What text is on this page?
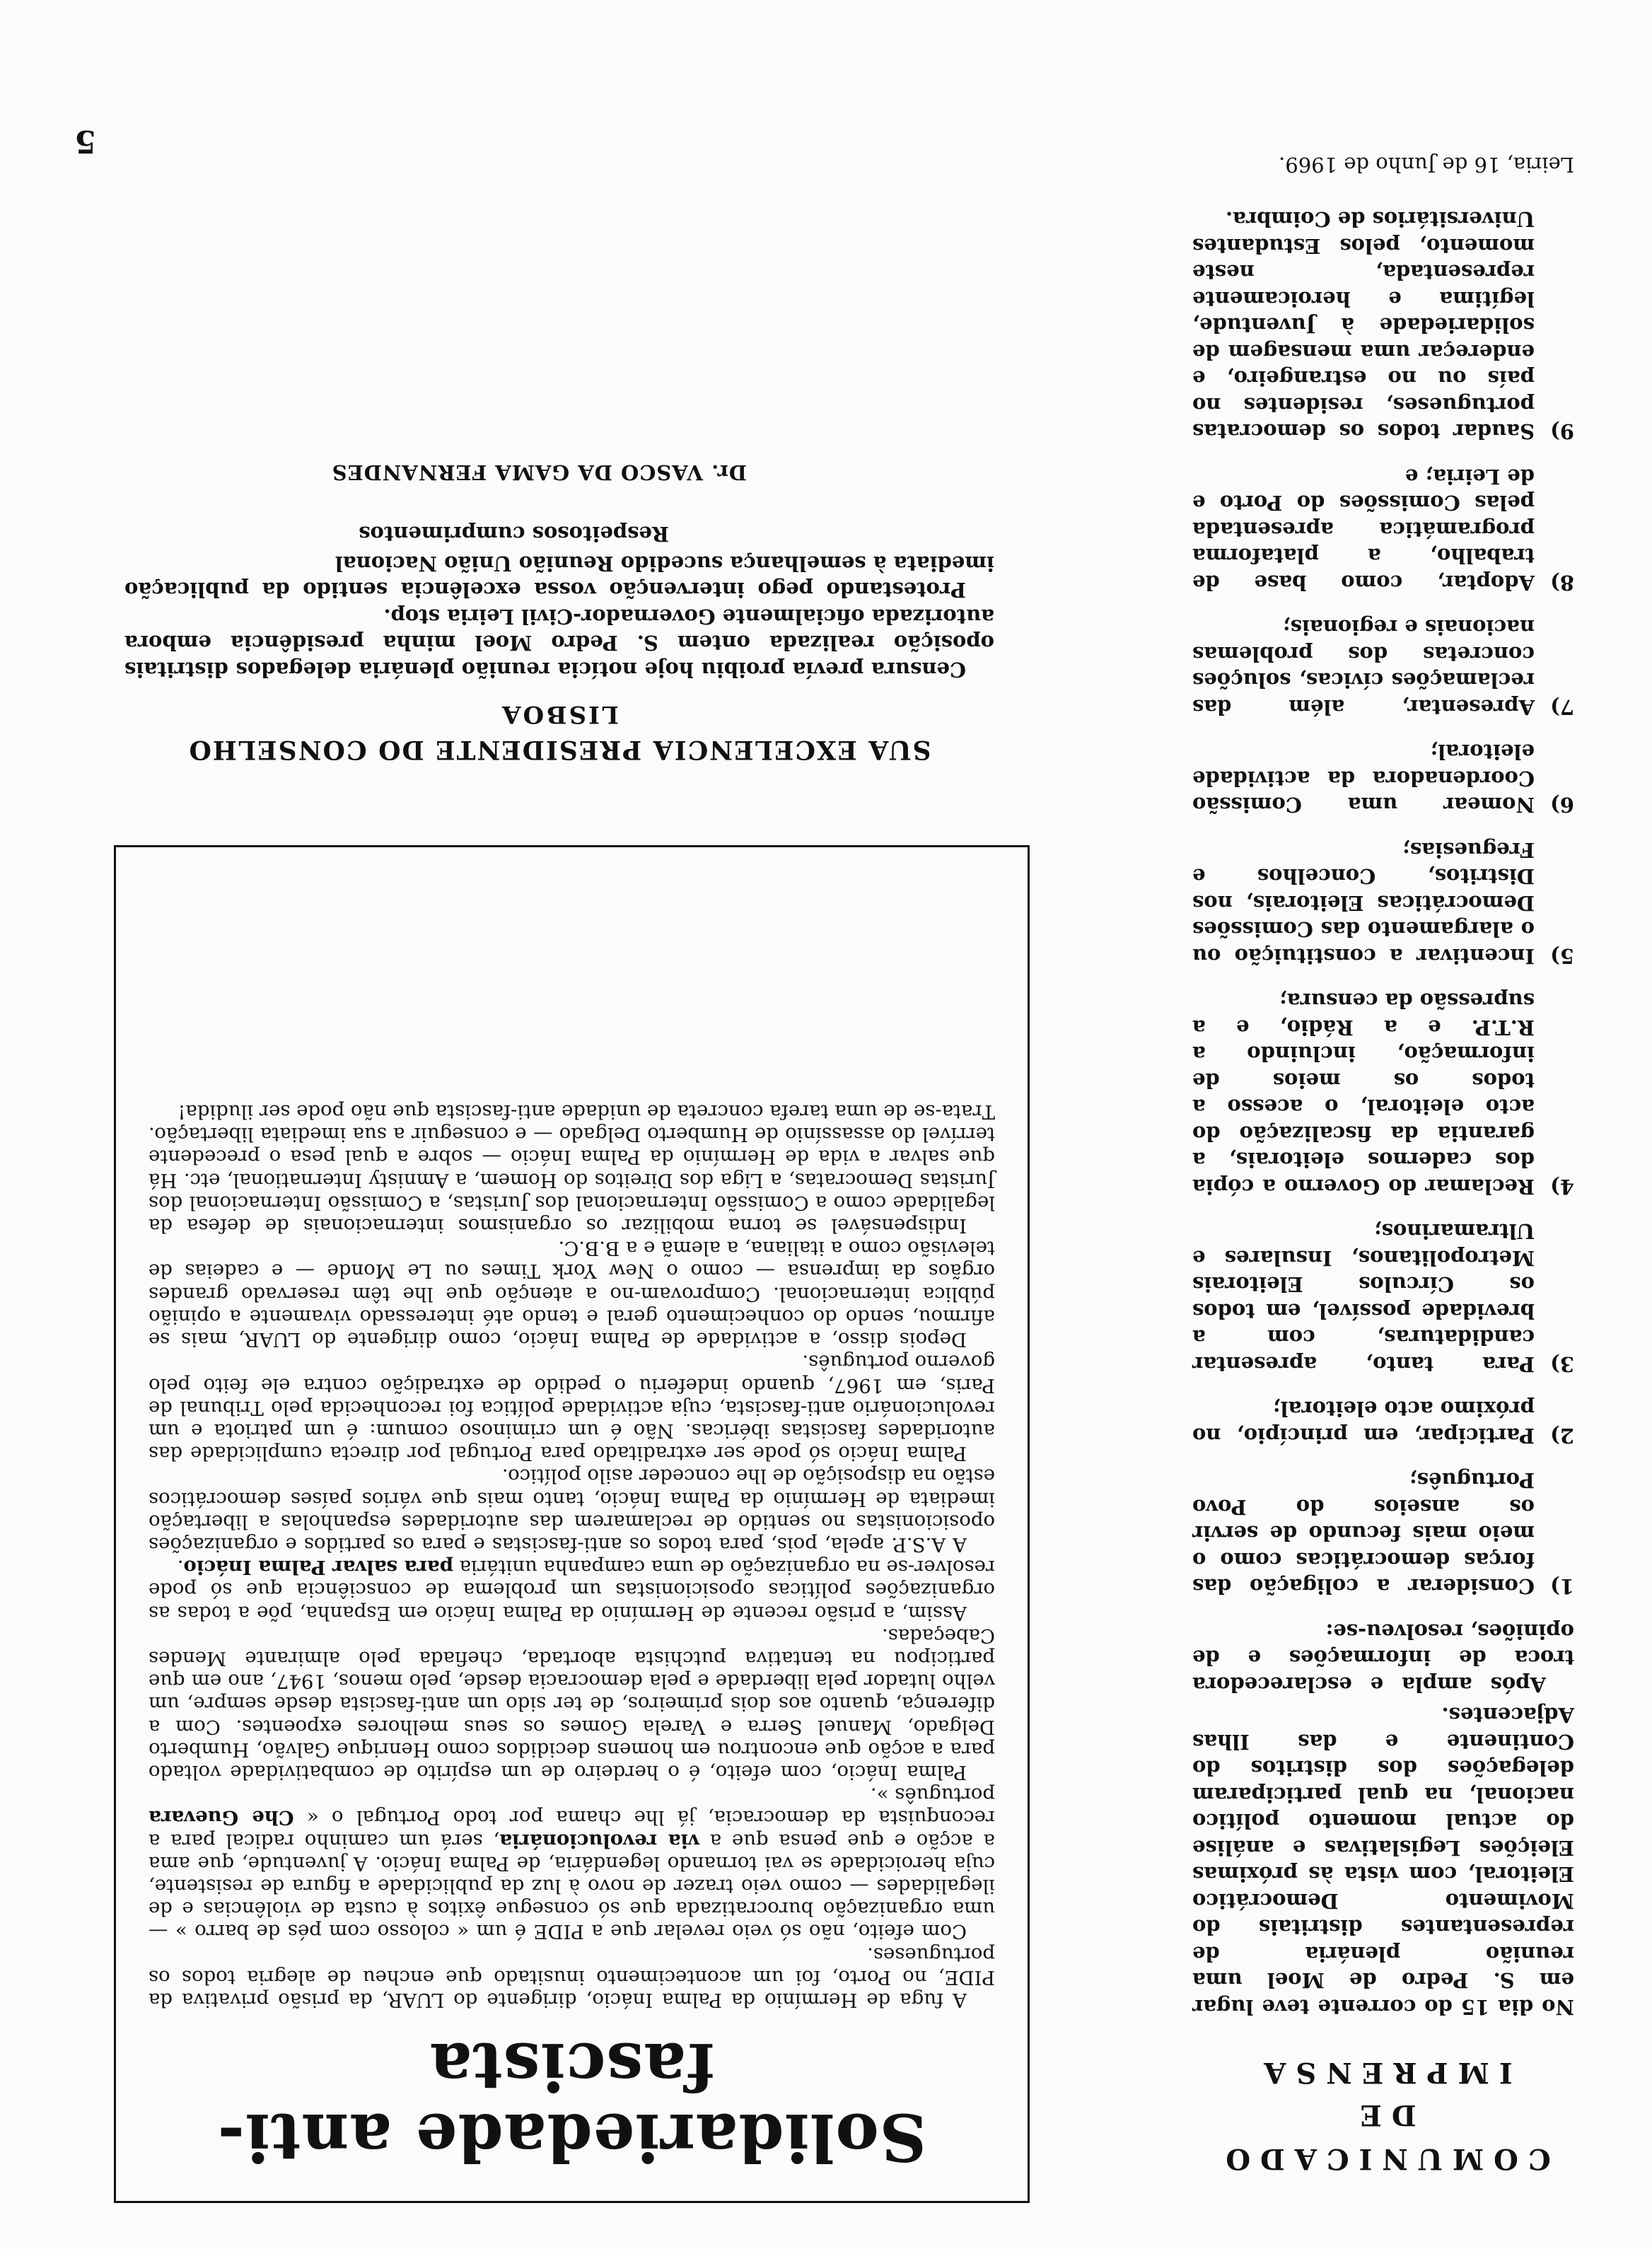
COMUNICADO
DE
IMPRENSA

No dia 15 do corrente teve lugar em S. Pedro de Moel uma reunião plenária de representantes distritais do Movimento Democrático Eleitoral, com vista às próximas Eleições Legislativas e análise do actual momento político nacional, na qual participaram delegações dos distritos do Continente e das Ilhas Adjacentes.

Após ampla e esclarecedora troca de informações e de opiniões, resolveu-se:

1)
Considerar a coligação das forças democráticas como o meio mais fecundo de servir os anseios do Povo Português;
2)
Participar, em princípio, no próximo acto eleitoral;
3)
Para tanto, apresentar candidaturas, com a brevidade possível, em todos os Círculos Eleitorais Metropolitanos, Insulares e Ultramarinos;
4)
Reclamar do Governo a cópia dos cadernos eleitorais, a garantia da fiscalização do acto eleitoral, o acesso a todos os meios de informação, incluindo a R.T.P. e a Rádio, e a supressão da censura;
5)
Incentivar a constituição ou o alargamento das Comissões Democráticas Eleitorais, nos Distritos, Concelhos e Freguesias;
6)
Nomear uma Comissão Coordenadora da actividade eleitoral;
7)
Apresentar, além das reclamações cívicas, soluções concretas dos problemas nacionais e regionais;
8)
Adoptar, como base de trabalho, a plataforma programática apresentada pelas Comissões do Porto e de Leiria; e
9)
Saudar todos os democratas portugueses, residentes no país ou no estrangeiro, e endereçar uma mensagem de solidariedade à Juventude, legítima e heroicamente representada, neste momento, pelos Estudantes Universitários de Coimbra.
Leiria, 16 de Junho de 1969.
Solidariedade anti-fascista

A fuga de Hermínio da Palma Inácio, dirigente do LUAR, da prisão privativa da PIDE, no Porto, foi um acontecimento inusitado que encheu de alegria todos os portugueses.

Com efeito, não só veio revelar que a PIDE é um « colosso com pés de barro » — uma organização burocratizada que só consegue êxitos à custa de violências e de ilegalidades — como veio trazer de novo à luz da publicidade a figura de resistente, cuja heroicidade se vai tornando legendária, de Palma Inácio. A juventude, que ama a acção e que pensa que a via revolucionária, será um caminho radical para a reconquista da democracia, já lhe chama por todo Portugal o « Che Guevara português ».

Palma Inácio, com efeito, é o herdeiro de um espírito de combatividade voltado para a acção que encontrou em homens decididos como Henrique Galvão, Humberto Delgado, Manuel Serra e Varela Gomes os seus melhores expoentes. Com a diferença, quanto aos dois primeiros, de ter sido um anti-fascista desde sempre, um velho lutador pela liberdade e pela democracia desde, pelo menos, 1947, ano em que participou na tentativa putchista abortada, chefiada pelo almirante Mendes Cabeçadas.

Assim, a prisão recente de Hermínio da Palma Inácio em Espanha, põe a todas as organizações políticas oposicionistas um problema de consciência que só pode resolver-se na organização de uma campanha unitária para salvar Palma Inácio.

A A.S.P. apela, pois, para todos os anti-fascistas e para os partidos e organizações oposicionistas no sentido de reclamarem das autoridades espanholas a libertação imediata de Hermínio da Palma Inácio, tanto mais que vários países democráticos estão na disposição de lhe conceder asilo político.

Palma Inácio só pode ser extraditado para Portugal por directa cumplicidade das autoridades fascistas ibéricas. Não é um criminoso comum: é um patriota e um revolucionário anti-fascista, cuja actividade política foi reconhecida pelo Tribunal de Paris, em 1967, quando indeferiu o pedido de extradição contra ele feito pelo governo português.

Depois disso, a actividade de Palma Inácio, como dirigente do LUAR, mais se afirmou, sendo do conhecimento geral e tendo até interessado vivamente a opinião pública internacional. Comprovam-no a atenção que lhe têm reservado grandes orgãos da imprensa — como o New York Times ou Le Monde — e cadeias de televisão como a italiana, a alemã e a B.B.C.

Indispensável se torna mobilizar os organismos internacionais de defesa da legalidade como a Comissão Internacional dos Juristas, a Comissão Internacional dos Juristas Democratas, a Liga dos Direitos do Homem, a Amnisty International, etc. Há que salvar a vida de Hermínio da Palma Inácio — sobre a qual pesa o precedente terrível do assassínio de Humberto Delgado — e conseguir a sua imediata libertação. Trata-se de uma tarefa concreta de unidade anti-fascista que não pode ser iludida!

SUA EXCELENCIA PRESIDENTE DO CONSELHO
LISBOA

Censura prevía proibiu hoje notícia reunião plenária delegados distritais oposição realizada ontem S. Pedro Moel minha presidência embora autorizada oficialmente Governador-Civil Leiria stop.

Protestando pego intervenção vossa excelência sentido da publicação imediata à semelhança sucedido Reunião União Nacional

Respeitosos cumprimentos

Dr. VASCO DA GAMA FERNANDES
5
